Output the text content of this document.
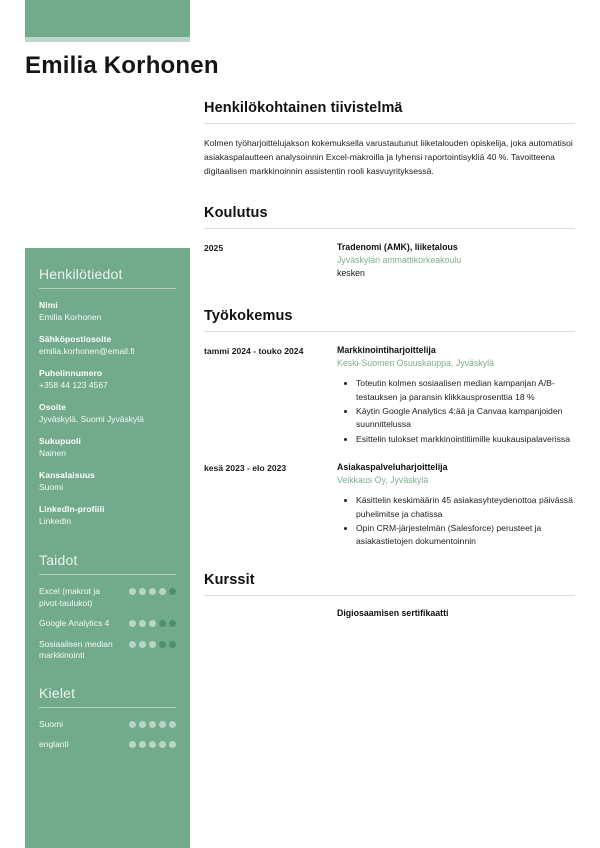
Emilia Korhonen
Henkilötiedot
Nimi
Emilia Korhonen
Sähköpostiosoite
emilia.korhonen@email.fi
Puhelinnumero
+358 44 123 4567
Osoite
Jyväskylä, Suomi Jyväskylä
Sukupuoli
Nainen
Kansalaisuus
Suomi
LinkedIn-profiili
LinkedIn
Taidot
Excel (makrot ja pivot-taulukot)
Google Analytics 4
Sosiaalisen median markkinointi
Kielet
Suomi
englanti
Henkilökohtainen tiivistelmä

Kolmen työharjoittelujakson kokemuksella varustautunut liiketalouden opiskelija, joka automatisoi asiakaspalautteen analysoinnin Excel-makroilla ja lyhensi raportointisykliä 40 %. Tavoitteena digitaalisen markkinoinnin assistentin rooli kasvuyrityksessä.

Koulutus
2025	Tradenomi (AMK), liiketalous
Jyväskylän ammattikorkeakoulu
kesken
Työkokemus
tammi 2024 - touko 2024	Markkinointiharjoittelija
Keski-Suomen Osuuskauppa, Jyväskylä
• Toteutin kolmen sosiaalisen median kampanjan A/B-testauksen ja paransin klikkausprosenttia 18 %
• Käytin Google Analytics 4:ää ja Canvaa kampanjoiden suunnittelussa
• Esittelin tulokset markkinointitiimille kuukausipalaverissa
kesä 2023 - elo 2023	Asiakaspalveluharjoittelija
Veikkaus Oy, Jyväskylä
• Käsittelin keskimäärin 45 asiakasyhteydenottoa päivässä puhelimitse ja chatissa
• Opin CRM-järjestelmän (Salesforce) perusteet ja asiakastietojen dokumentoinnin
Kurssit
Digiosaamisen sertifikaatti
